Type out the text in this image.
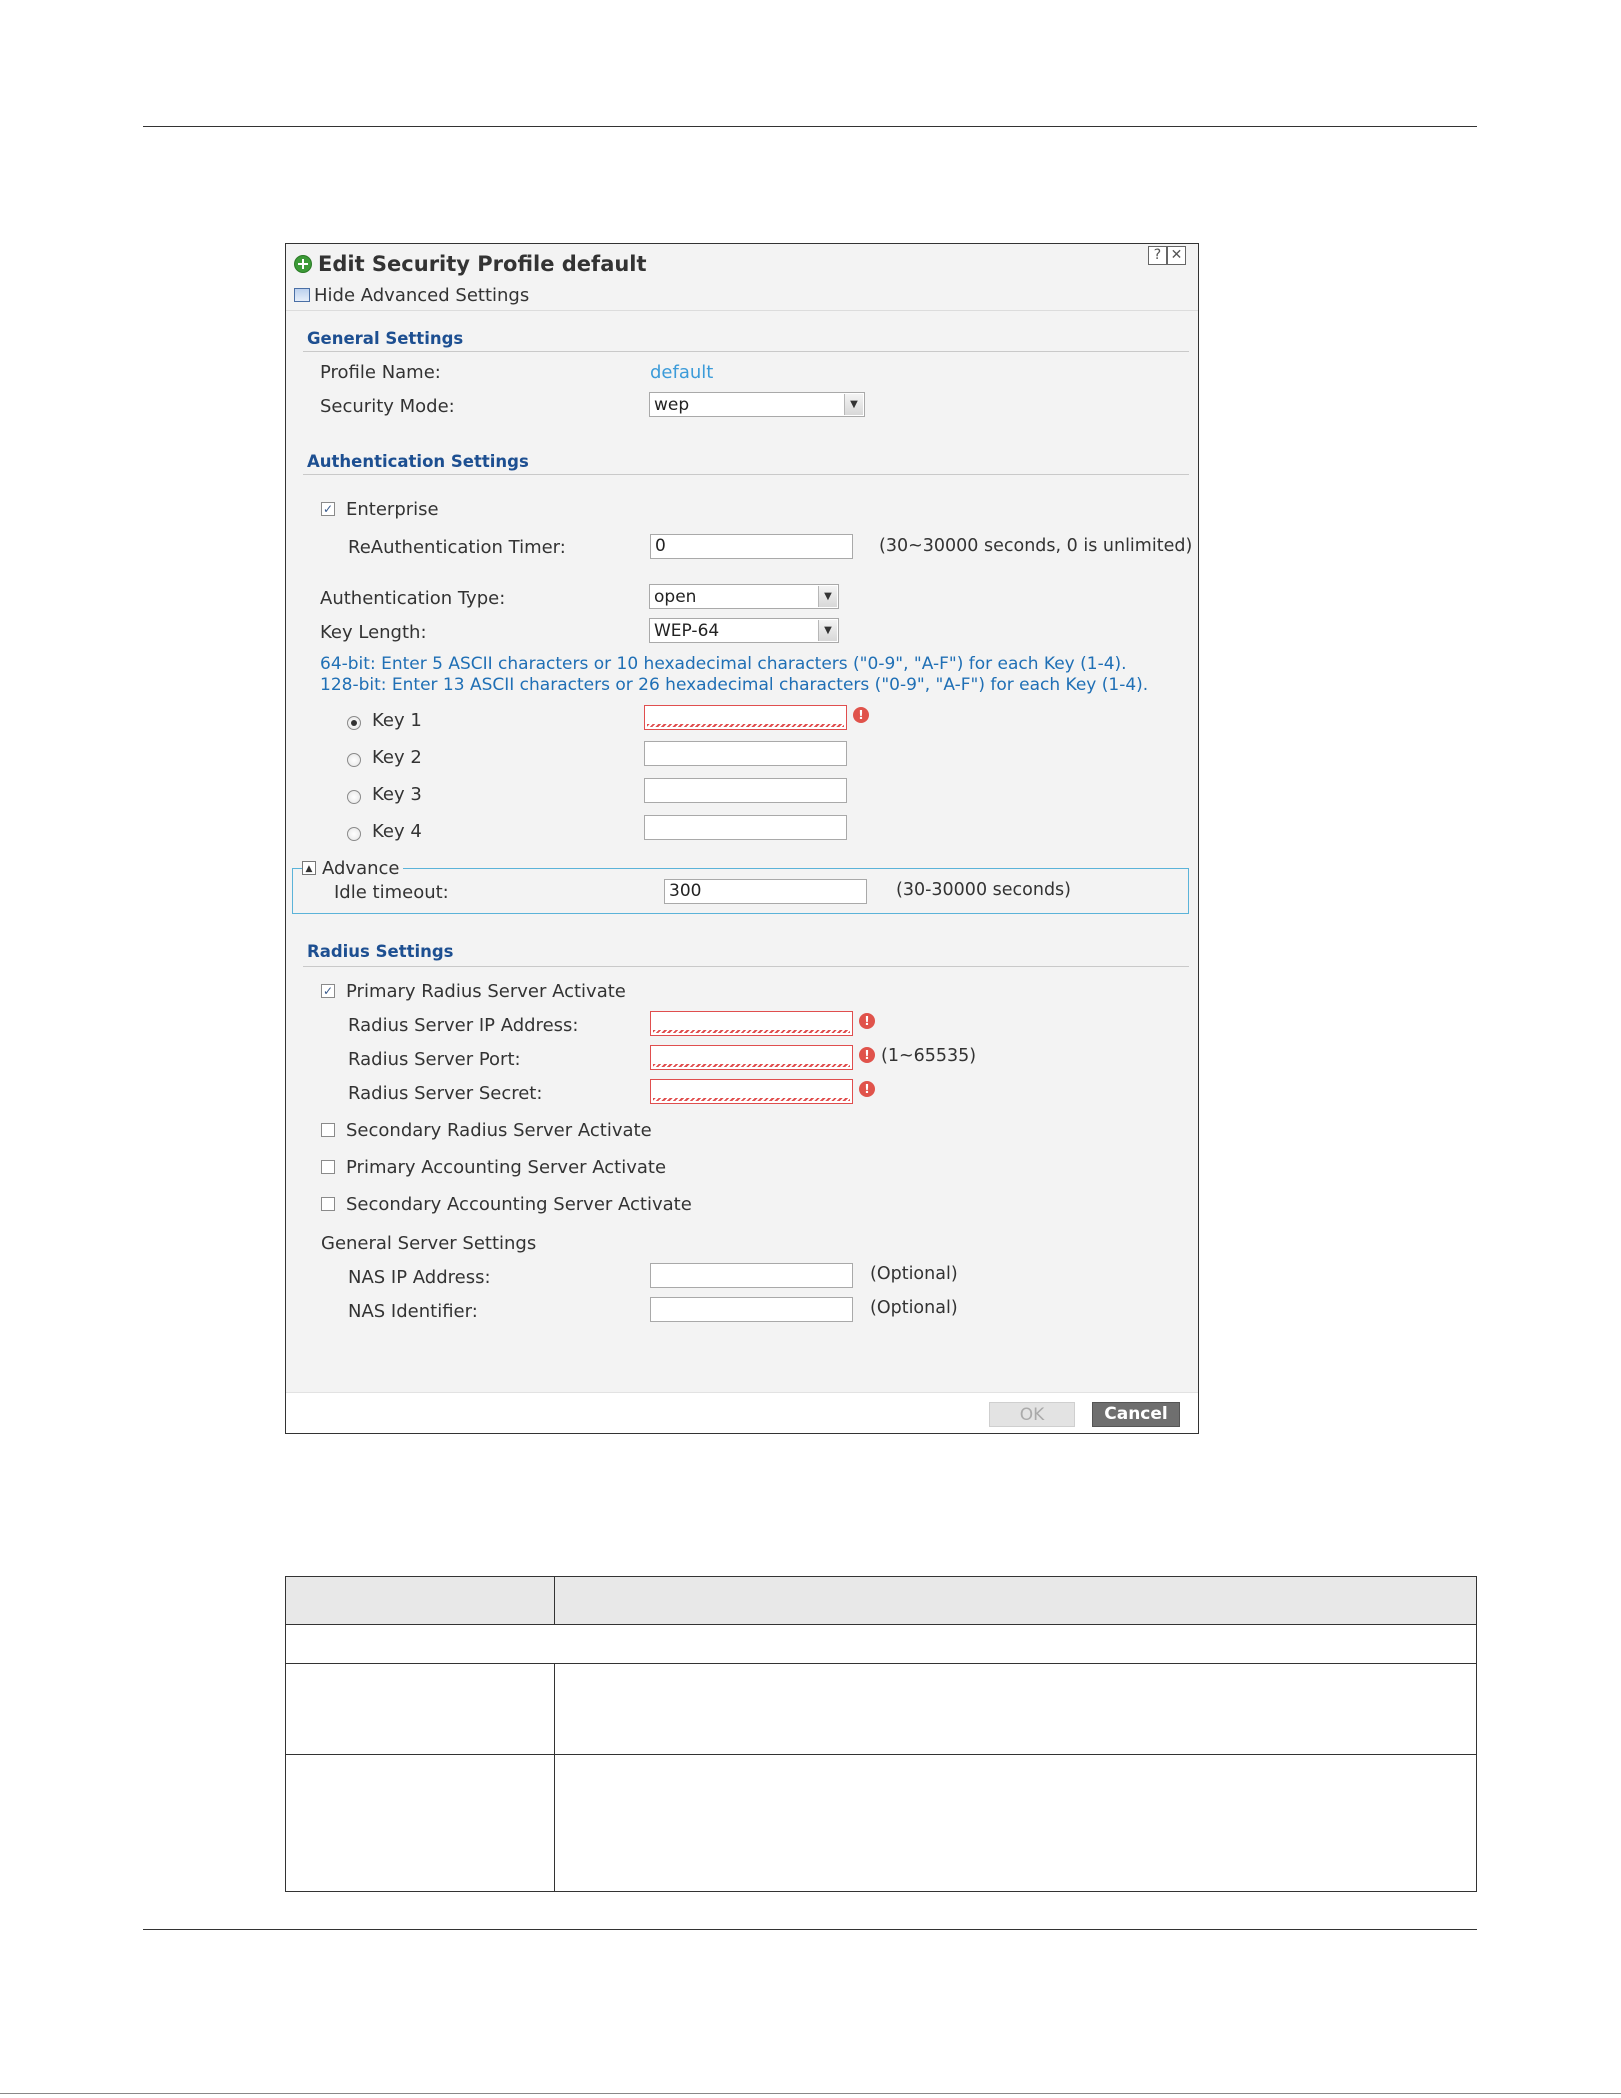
Edit Security Profile default	? ✕
Hide Advanced Settings
General Settings
Profile Name:	default
Security Mode:	wep	▼
Authentication Settings
✓ Enterprise
ReAuthentication Timer:	0	(30~30000 seconds, 0 is unlimited)
Authentication Type:	open	▼
Key Length:	WEP-64	▼
64-bit: Enter 5 ASCII characters or 10 hexadecimal characters ("0-9", "A-F") for each Key (1-4).
128-bit: Enter 13 ASCII characters or 26 hexadecimal characters ("0-9", "A-F") for each Key (1-4).
Key 1	!
Key 2
Key 3
Key 4
▲ Advance
Idle timeout:	300	(30-30000 seconds)
Radius Settings
✓ Primary Radius Server Activate
Radius Server IP Address:	!
Radius Server Port:	! (1~65535)
Radius Server Secret:	!
Secondary Radius Server Activate
Primary Accounting Server Activate
Secondary Accounting Server Activate
General Server Settings
NAS IP Address:	(Optional)
NAS Identifier:	(Optional)
OK	Cancel
